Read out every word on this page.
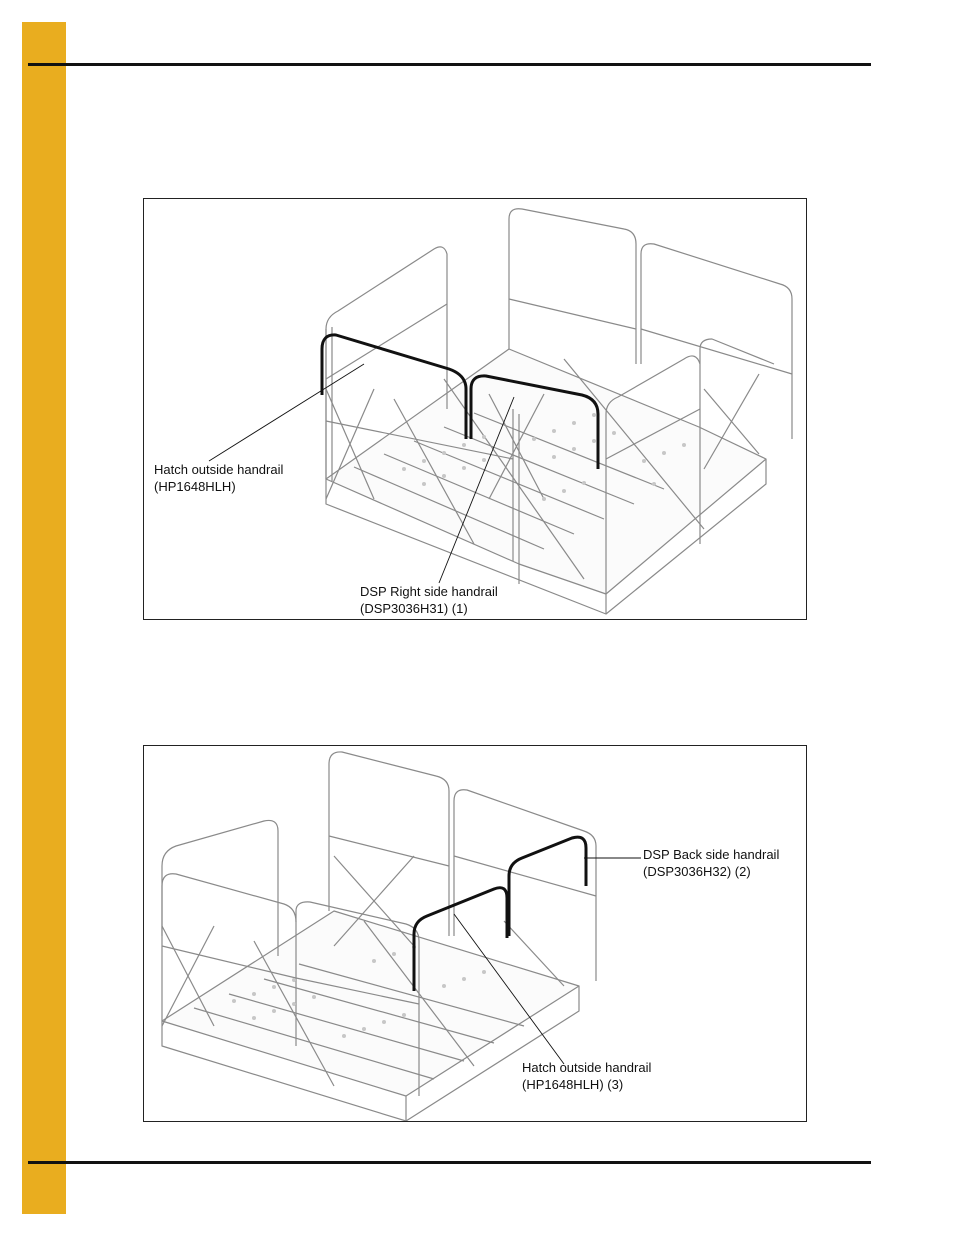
Hatch outside handrail
(HP1648HLH)
DSP Right side handrail
(DSP3036H31) (1)
DSP Back side handrail
(DSP3036H32) (2)
Hatch outside handrail
(HP1648HLH) (3)
